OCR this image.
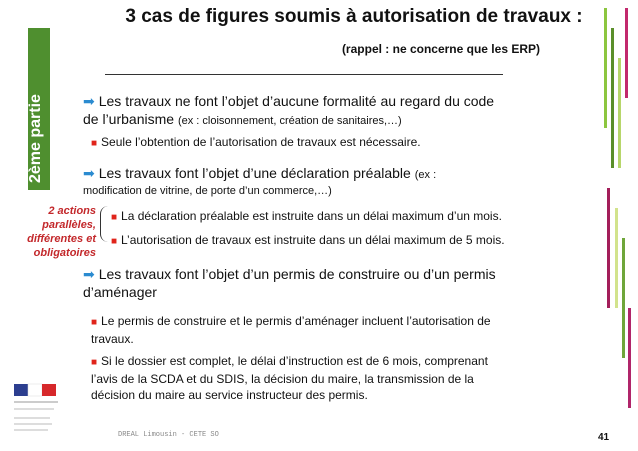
2ème partie
3 cas de figures soumis à autorisation de travaux :
(rappel : ne concerne que les ERP)
➡ Les travaux ne font l’objet d’aucune formalité au regard du code
de l’urbanisme (ex : cloisonnement, création de sanitaires,…)
■ Seule l’obtention de l’autorisation de travaux est nécessaire.
➡ Les travaux font l’objet d’une déclaration préalable (ex :
modification de vitrine, de porte d’un commerce,…)
■ La déclaration préalable est instruite dans un délai maximum d’un mois.
■ L’autorisation de travaux est instruite dans un délai maximum de 5 mois.
2 actions parallèles, différentes et obligatoires
➡ Les travaux font l’objet d’un permis de construire ou d’un permis
d’aménager
■ Le permis de construire et le permis d’aménager incluent l’autorisation de
travaux.
■ Si le dossier est complet, le délai d’instruction est de 6 mois, comprenant
l’avis de la SCDA et du SDIS, la décision du maire, la transmission de la
décision du maire au service instructeur des permis.
DREAL Limousin - CETE SO	41
